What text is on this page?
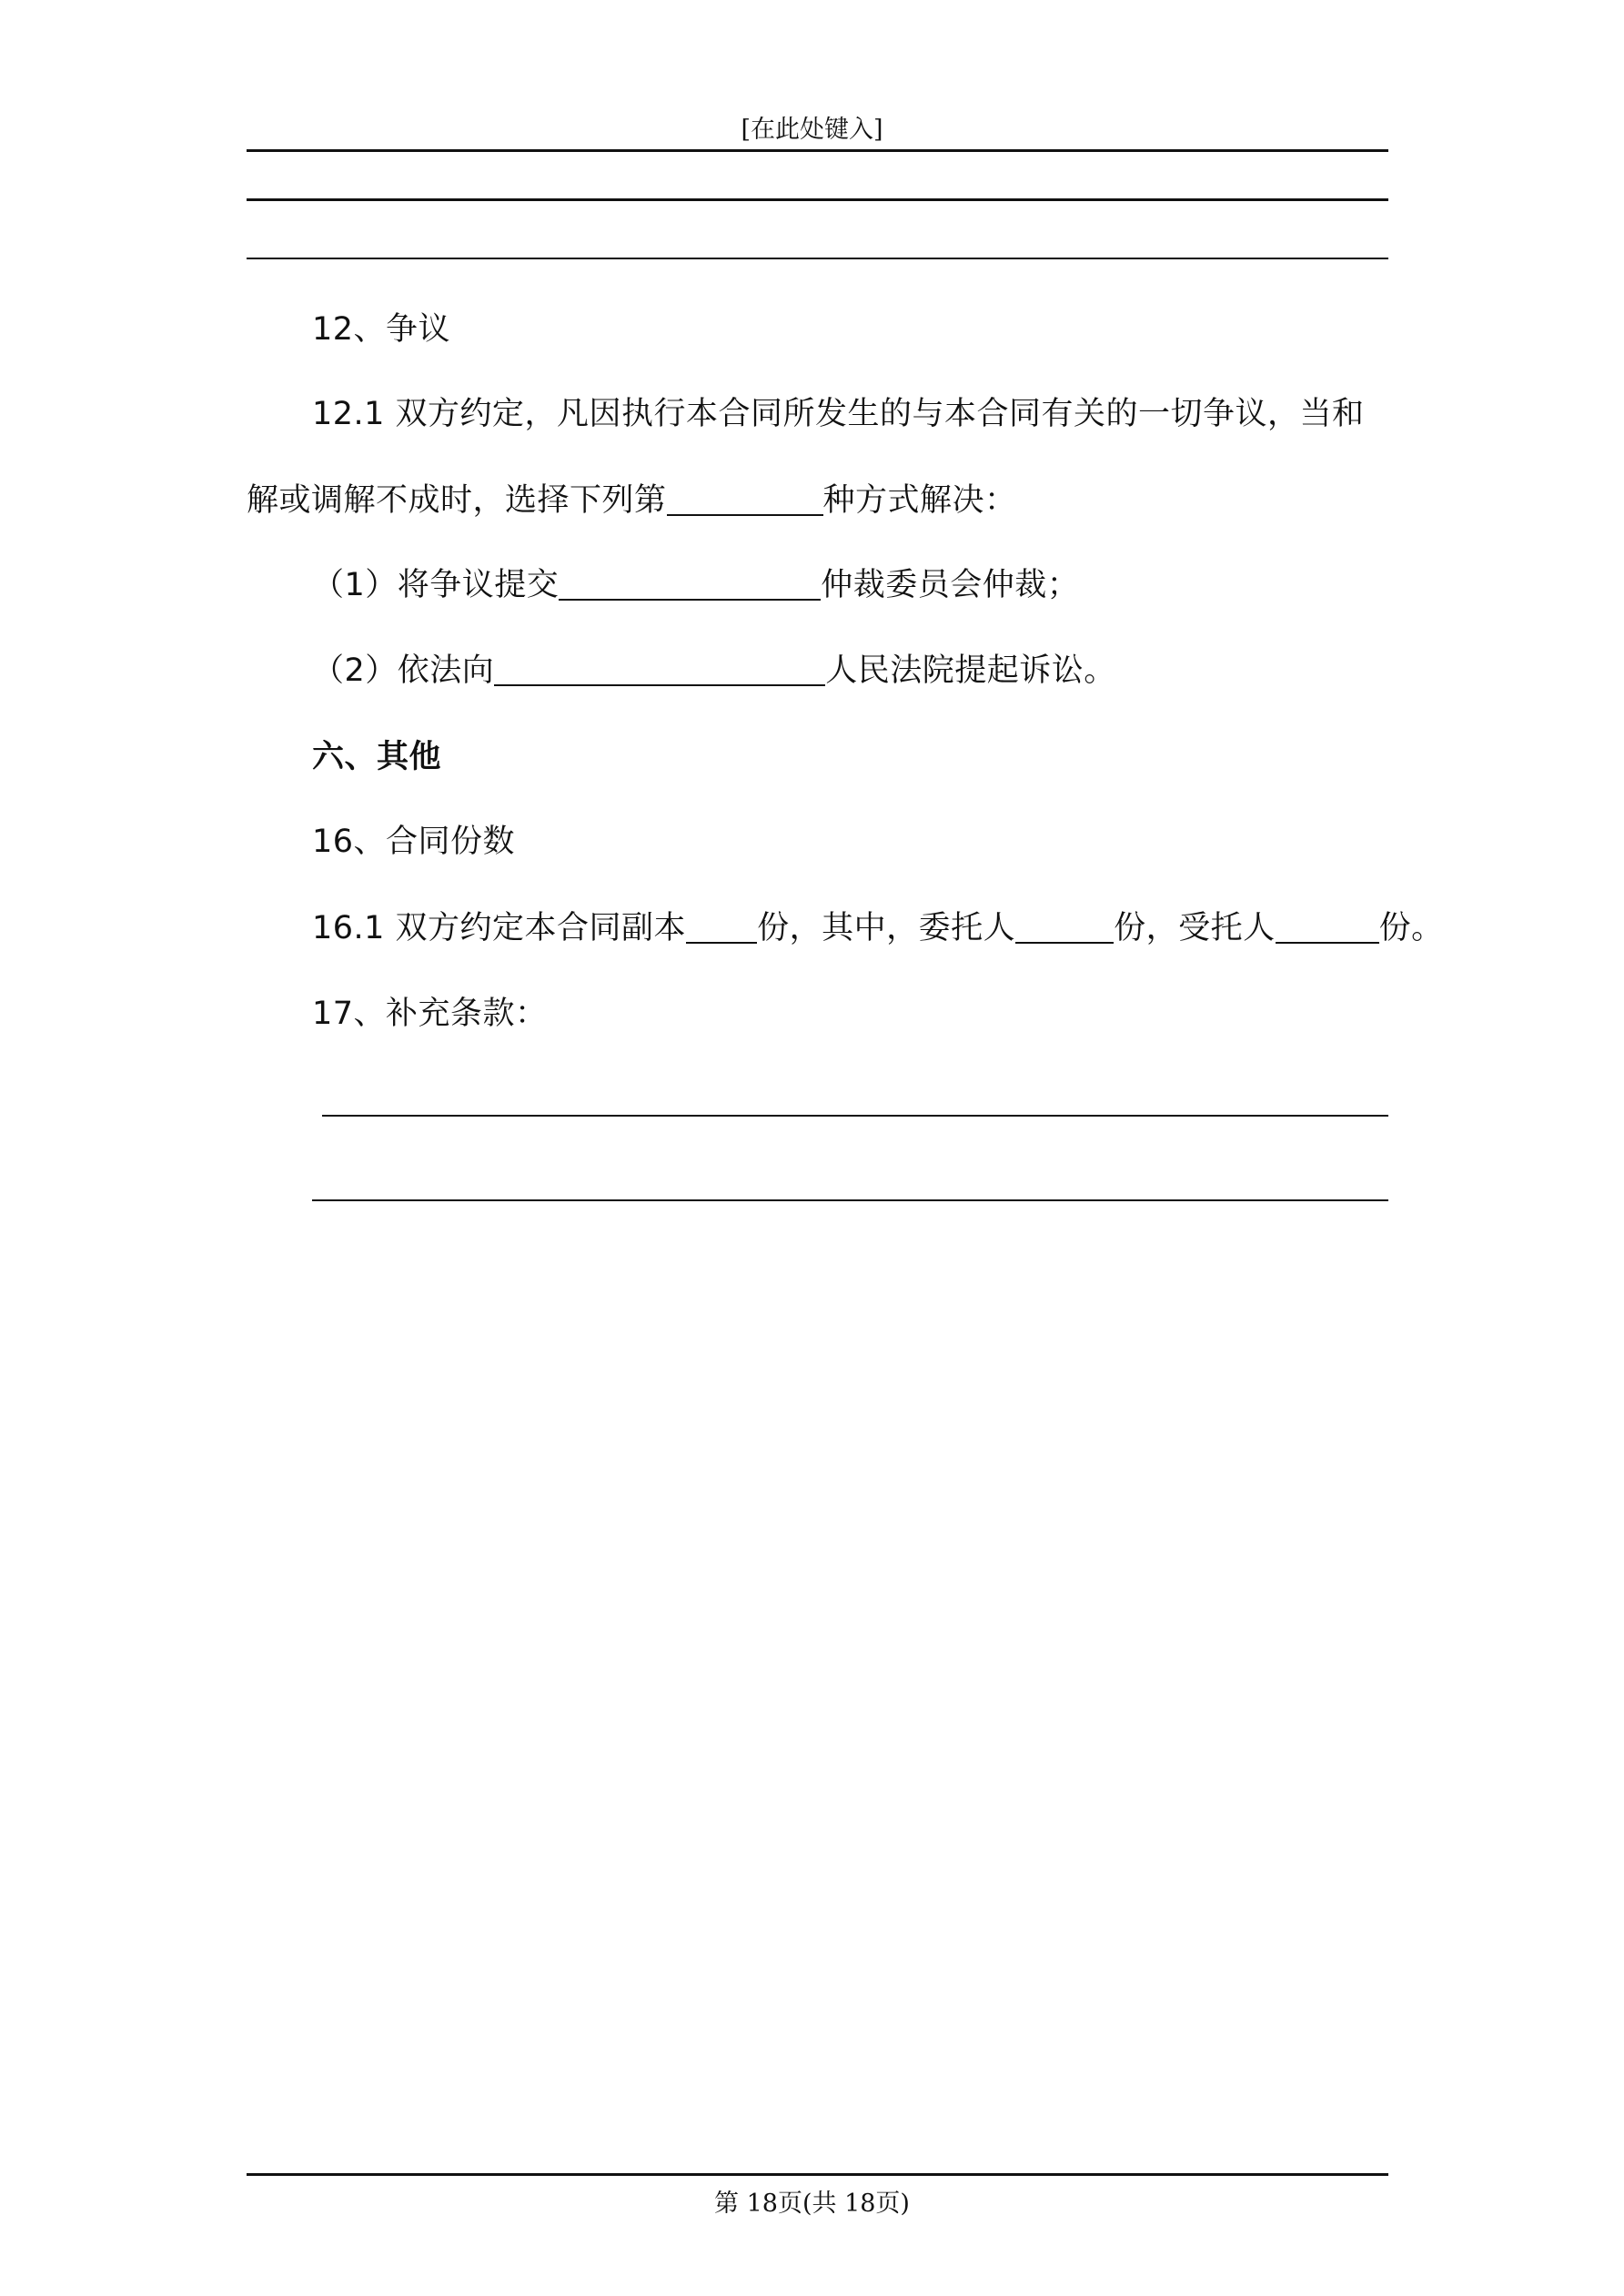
[在此处键入]
12、争议
12.1 双方约定，凡因执行本合同所发生的与本合同有关的一切争议，当和
解或调解不成时，选择下列第	种方式解决：
（1）将争议提交	仲裁委员会仲裁；
（2）依法向	人民法院提起诉讼。
六、其他
16、合同份数
16.1 双方约定本合同副本 份，其中，委托人	份，受托人	份。
17、补充条款：
第 18页(共 18页)
